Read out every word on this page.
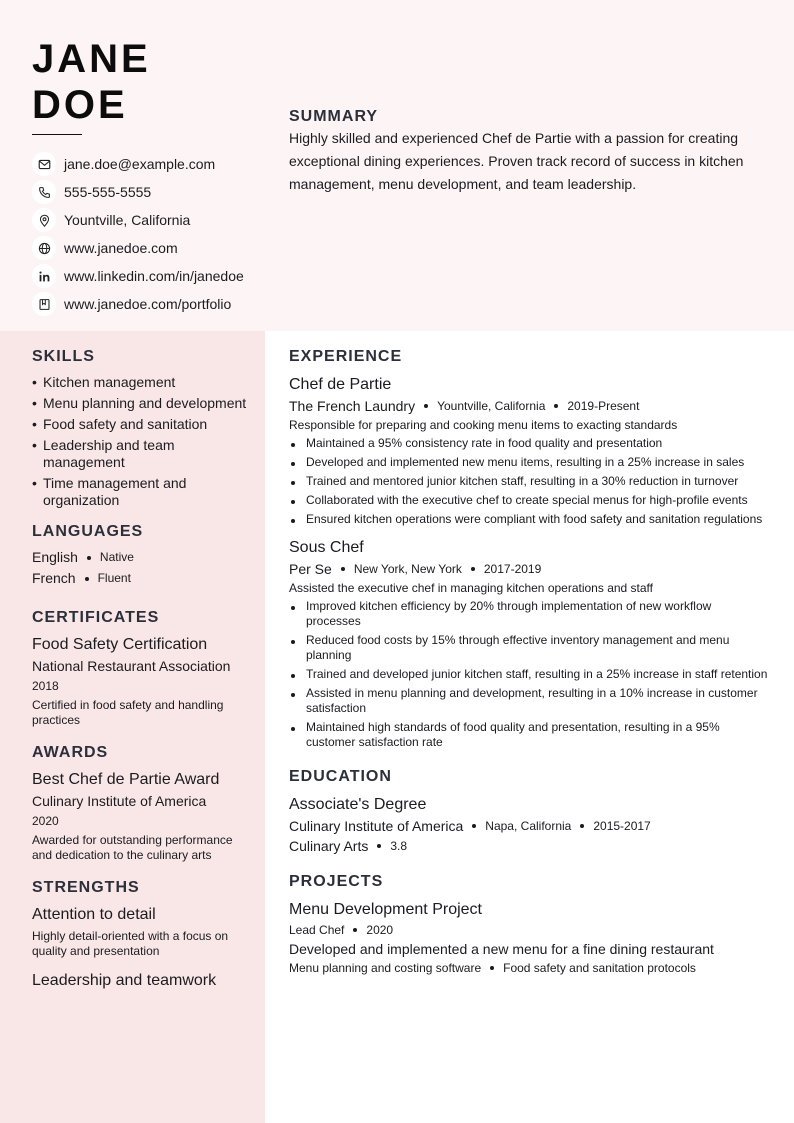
JANE
DOE
jane.doe@example.com
555-555-5555
Yountville, California
www.janedoe.com
www.linkedin.com/in/janedoe
www.janedoe.com/portfolio
SUMMARY
Highly skilled and experienced Chef de Partie with a passion for creating exceptional dining experiences. Proven track record of success in kitchen management, menu development, and team leadership.
SKILLS
• Kitchen management
• Menu planning and development
• Food safety and sanitation
• Leadership and team management
• Time management and organization
LANGUAGES
English Native
French Fluent
CERTIFICATES
Food Safety Certification
National Restaurant Association
2018
Certified in food safety and handling practices
AWARDS
Best Chef de Partie Award
Culinary Institute of America
2020
Awarded for outstanding performance and dedication to the culinary arts
STRENGTHS
Attention to detail
Highly detail-oriented with a focus on quality and presentation
Leadership and teamwork
EXPERIENCE
Chef de Partie
The French Laundry Yountville, California 2019-Present
Responsible for preparing and cooking menu items to exacting standards
Maintained a 95% consistency rate in food quality and presentation
Developed and implemented new menu items, resulting in a 25% increase in sales
Trained and mentored junior kitchen staff, resulting in a 30% reduction in turnover
Collaborated with the executive chef to create special menus for high-profile events
Ensured kitchen operations were compliant with food safety and sanitation regulations
Sous Chef
Per Se New York, New York 2017-2019
Assisted the executive chef in managing kitchen operations and staff
Improved kitchen efficiency by 20% through implementation of new workflow processes
Reduced food costs by 15% through effective inventory management and menu planning
Trained and developed junior kitchen staff, resulting in a 25% increase in staff retention
Assisted in menu planning and development, resulting in a 10% increase in customer satisfaction
Maintained high standards of food quality and presentation, resulting in a 95% customer satisfaction rate
EDUCATION
Associate's Degree
Culinary Institute of America Napa, California 2015-2017
Culinary Arts 3.8
PROJECTS
Menu Development Project
Lead Chef 2020
Developed and implemented a new menu for a fine dining restaurant
Menu planning and costing software Food safety and sanitation protocols
